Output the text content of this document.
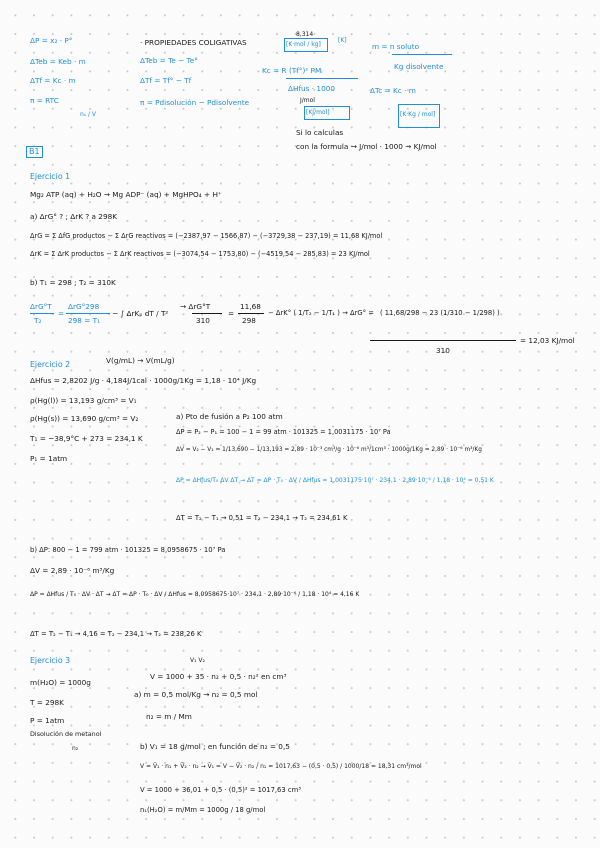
ΔP = x₂ · P°
ΔTeb = Keb · m
ΔTf = Kc · m
π = RTC
nₛ / V
· PROPIEDADES COLIGATIVAS
ΔTeb = Te − Te°
ΔTf = Tf° − Tf
π = Pdisolución − Pdisolvente
8,314
[K·mol / kg]
[K]
Kc = R (Tf°)² PMᵢ
ΔHfus · 1000
J/mol
[KJ/mol]
Si lo calculas
con la formula → J/mol · 1000 → KJ/mol
m = n soluto
Kg disolvente
ΔTc = Kc · m
[K·Kg / mol]
B1
Ejercicio 1
Mg₂ ATP (aq) + H₂O → Mg ADP⁻ (aq) + MgHPO₄ + H⁺
a) ΔrG° ? ; ΔrK ? a 298K
ΔrG = Σ ΔfG productos − Σ ΔrG reactivos = (−2387,97 − 1566,87) − (−3729,38 − 237,19) = 11,68 KJ/mol
ΔrK = Σ ΔrK productos − Σ ΔrK reactivos = (−3074,54 − 1753,80) − (−4519,54 − 285,83) = 23 KJ/mol
b) T₁ = 298 ; T₂ = 310K
ΔrG°T
T₂
=
ΔrG°298
298 = T₁
− ∫ ΔrKₚ dT / T²
→ ΔrG°T
310
=
11,68
298
− ΔrK° ( 1/T₂ − 1/T₁ ) → ΔrG° = ( 11,68/298 − 23 (1/310 − 1/298) )
310
= 12,03 KJ/mol
Ejercicio 2	V(g/mL) → V(mL/g)
ΔHfus = 2,8202 J/g · 4,184J/1cal · 1000g/1Kg = 1,18 · 10⁴ J/Kg
ρ(Hg(l)) = 13,193 g/cm³ = V₁
ρ(Hg(s)) = 13,690 g/cm³ = V₂
T₁ = −38,9°C + 273 = 234,1 K
P₁ = 1atm
a) Pto de fusión a P₂ 100 atm
ΔP = P₂ − P₁ = 100 − 1 = 99 atm · 101325 = 1,0031175 · 10⁷ Pa
ΔV = V₂ − V₁ = 1/13,690 − 1/13,193 = 2,89 · 10⁻³ cm³/g · 10⁻⁶ m³/1cm³ · 1000g/1Kg = 2,89 · 10⁻⁶ m³/Kg
ΔP = ΔHfus/T₀ ΔV ΔT → ΔT = ΔP · T₀ · ΔV / ΔHfus = 1,0031175·10⁷ · 234,1 · 2,89·10⁻⁶ / 1,18 · 10⁴ = 0,51 K
ΔT = T₂ − T₁ → 0,51 = T₂ − 234,1 → T₂ = 234,61 K
b) ΔP: 800 − 1 = 799 atm · 101325 = 8,0958675 · 10⁷ Pa
ΔV = 2,89 · 10⁻⁶ m³/Kg
ΔP = ΔHfus / T₀ · ΔV · ΔT → ΔT = ΔP · T₀ · ΔV / ΔHfus = 8,0958675·10⁷ · 234,1 · 2,89·10⁻⁶ / 1,18 · 10⁴ = 4,16 K
ΔT = T₂ − T₁ → 4,16 = T₂ − 234,1 → T₂ = 238,26 K
Ejercicio 3	V₁ V₂
V = 1000 + 35 · n₂ + 0,5 · n₂² en cm³
m(H₂O) = 1000g
T = 298K
P = 1atm
Disolución de metanol
n₂
a) m = 0,5 mol/Kg → n₂ = 0,5 mol
n₂ = m / Mm
b) V₁ = 18 g/mol ; en función de n₂ = 0,5
V = V̄₁ · n₁ + V̄₂ · n₂ → V̄₁ = V − V̄₂ · n₂ / n₁ = 1017,63 − (0,5 · 0,5) / 1000/18 = 18,31 cm³/mol
V = 1000 + 36,01 + 0,5 · (0,5)² = 1017,63 cm³
n₁(H₂O) = m/Mm = 1000g / 18 g/mol
